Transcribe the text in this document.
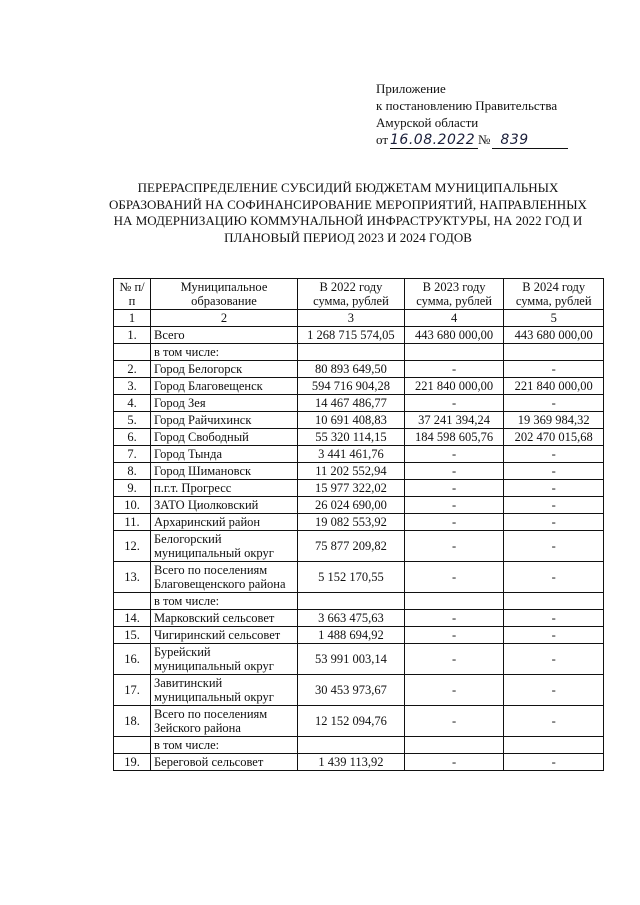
Приложение
к постановлению Правительства
Амурской области
от 16.08.2022 № 839
ПЕРЕРАСПРЕДЕЛЕНИЕ СУБСИДИЙ БЮДЖЕТАМ МУНИЦИПАЛЬНЫХ ОБРАЗОВАНИЙ НА СОФИНАНСИРОВАНИЕ МЕРОПРИЯТИЙ, НАПРАВЛЕННЫХ НА МОДЕРНИЗАЦИЮ КОММУНАЛЬНОЙ ИНФРАСТРУКТУРЫ, НА 2022 ГОД И ПЛАНОВЫЙ ПЕРИОД 2023 И 2024 ГОДОВ
№ п/п	Муниципальное образование	В 2022 году сумма, рублей	В 2023 году сумма, рублей	В 2024 году сумма, рублей
1	2	3	4	5
1.	Всего	1 268 715 574,05	443 680 000,00	443 680 000,00
	в том числе:			
2.	Город Белогорск	80 893 649,50	-	-
3.	Город Благовещенск	594 716 904,28	221 840 000,00	221 840 000,00
4.	Город Зея	14 467 486,77	-	-
5.	Город Райчихинск	10 691 408,83	37 241 394,24	19 369 984,32
6.	Город Свободный	55 320 114,15	184 598 605,76	202 470 015,68
7.	Город Тында	3 441 461,76	-	-
8.	Город Шимановск	11 202 552,94	-	-
9.	п.г.т. Прогресс	15 977 322,02	-	-
10.	ЗАТО Циолковский	26 024 690,00	-	-
11.	Архаринский район	19 082 553,92	-	-
12.	Белогорский муниципальный округ	75 877 209,82	-	-
13.	Всего по поселениям Благовещенского района	5 152 170,55	-	-
	в том числе:			
14.	Марковский сельсовет	3 663 475,63	-	-
15.	Чигиринский сельсовет	1 488 694,92	-	-
16.	Бурейский муниципальный округ	53 991 003,14	-	-
17.	Завитинский муниципальный округ	30 453 973,67	-	-
18.	Всего по поселениям Зейского района	12 152 094,76	-	-
	в том числе:			
19.	Береговой сельсовет	1 439 113,92	-	-
